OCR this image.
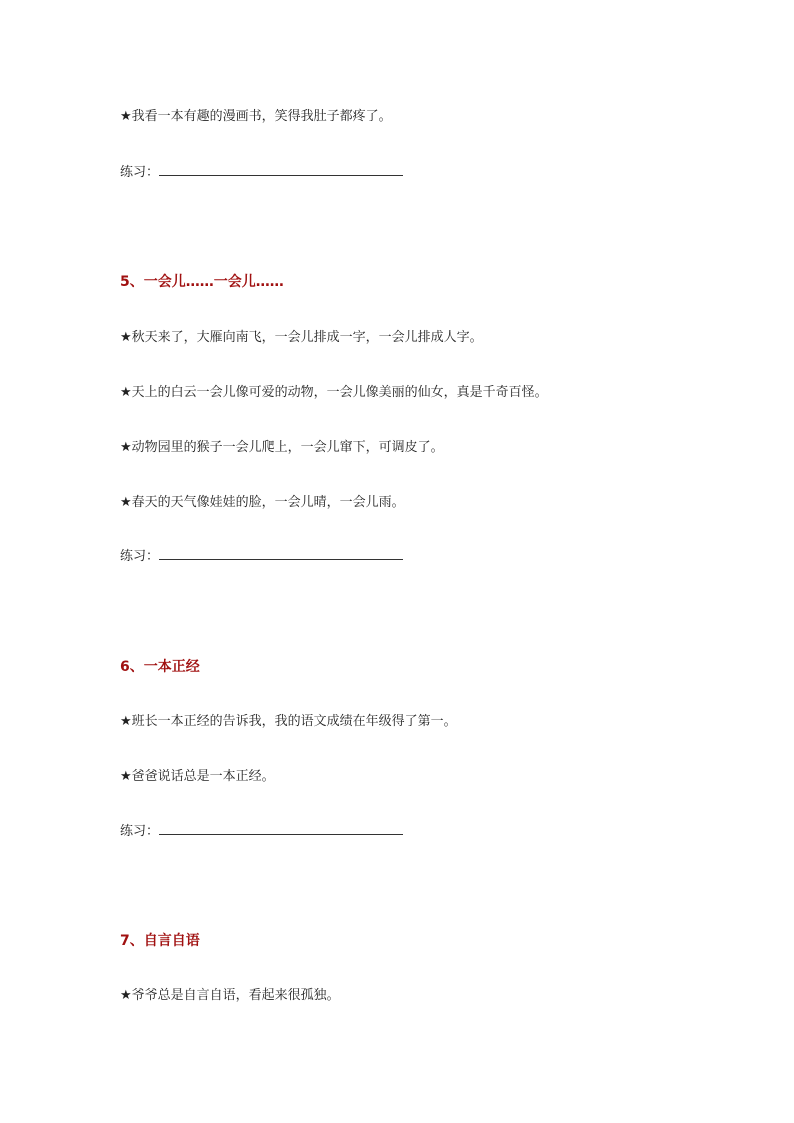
★我看一本有趣的漫画书，笑得我肚子都疼了。
练习：
5、一会儿……一会儿……
★秋天来了，大雁向南飞，一会儿排成一字，一会儿排成人字。
★天上的白云一会儿像可爱的动物，一会儿像美丽的仙女，真是千奇百怪。
★动物园里的猴子一会儿爬上，一会儿窜下，可调皮了。
★春天的天气像娃娃的脸，一会儿晴，一会儿雨。
练习：
6、一本正经
★班长一本正经的告诉我，我的语文成绩在年级得了第一。
★爸爸说话总是一本正经。
练习：
7、自言自语
★爷爷总是自言自语，看起来很孤独。
